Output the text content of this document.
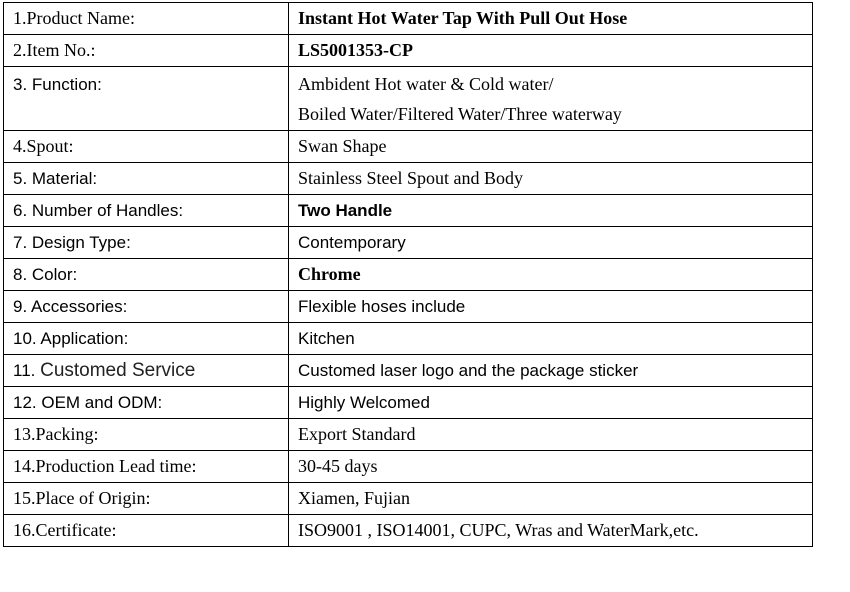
1.Product Name:	Instant Hot Water Tap With Pull Out Hose
2.Item No.:	LS5001353-CP
3. Function:	Ambident Hot water & Cold water/
Boiled Water/Filtered Water/Three waterway

4.Spout:	Swan Shape
5. Material:	Stainless Steel Spout and Body
6. Number of Handles:	Two Handle
7. Design Type:	Contemporary
8. Color:	Chrome
9. Accessories:	Flexible hoses include
10. Application:	Kitchen
11. Customed Service	Customed laser logo and the package sticker
12. OEM and ODM:	Highly Welcomed
13.Packing:	Export Standard
14.Production Lead time:	30-45 days
15.Place of Origin:	Xiamen, Fujian
16.Certificate:	ISO9001 , ISO14001, CUPC, Wras and WaterMark,etc.
